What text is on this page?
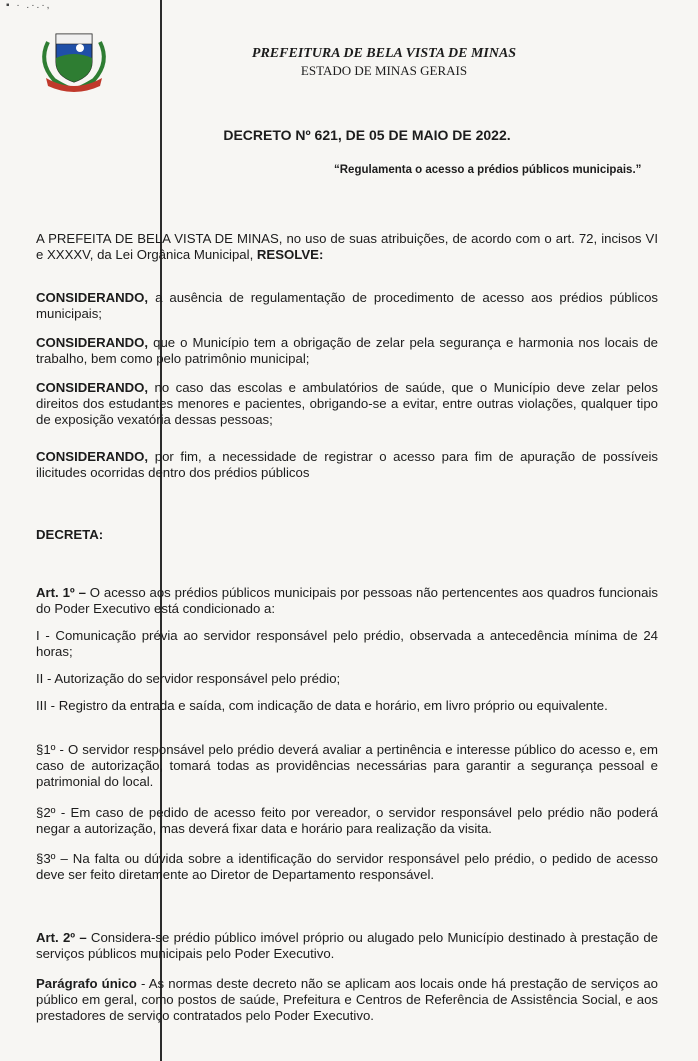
▪ · .·.·,
PREFEITURA DE BELA VISTA DE MINAS
ESTADO DE MINAS GERAIS
DECRETO Nº 621, DE 05 DE MAIO DE 2022.
“Regulamenta o acesso a prédios públicos municipais.”
A PREFEITA DE BELA VISTA DE MINAS, no uso de suas atribuições, de acordo com o art. 72, incisos VI e XXXXV, da Lei Orgânica Municipal, RESOLVE:
CONSIDERANDO, a ausência de regulamentação de procedimento de acesso aos prédios públicos municipais;
CONSIDERANDO, que o Município tem a obrigação de zelar pela segurança e harmonia nos locais de trabalho, bem como pelo patrimônio municipal;
CONSIDERANDO, no caso das escolas e ambulatórios de saúde, que o Município deve zelar pelos direitos dos estudantes menores e pacientes, obrigando-se a evitar, entre outras violações, qualquer tipo de exposição vexatória dessas pessoas;
CONSIDERANDO, por fim, a necessidade de registrar o acesso para fim de apuração de possíveis ilicitudes ocorridas dentro dos prédios públicos
DECRETA:
Art. 1º – O acesso aos prédios públicos municipais por pessoas não pertencentes aos quadros funcionais do Poder Executivo está condicionado a:
I - Comunicação prévia ao servidor responsável pelo prédio, observada a antecedência mínima de 24 horas;
II - Autorização do servidor responsável pelo prédio;
III - Registro da entrada e saída, com indicação de data e horário, em livro próprio ou equivalente.
§1º - O servidor responsável pelo prédio deverá avaliar a pertinência e interesse público do acesso e, em caso de autorização, tomará todas as providências necessárias para garantir a segurança pessoal e patrimonial do local.
§2º - Em caso de pedido de acesso feito por vereador, o servidor responsável pelo prédio não poderá negar a autorização, mas deverá fixar data e horário para realização da visita.
§3º – Na falta ou dúvida sobre a identificação do servidor responsável pelo prédio, o pedido de acesso deve ser feito diretamente ao Diretor de Departamento responsável.
Art. 2º – Considera-se prédio público imóvel próprio ou alugado pelo Município destinado à prestação de serviços públicos municipais pelo Poder Executivo.
Parágrafo único - As normas deste decreto não se aplicam aos locais onde há prestação de serviços ao público em geral, como postos de saúde, Prefeitura e Centros de Referência de Assistência Social, e aos prestadores de serviço contratados pelo Poder Executivo.
